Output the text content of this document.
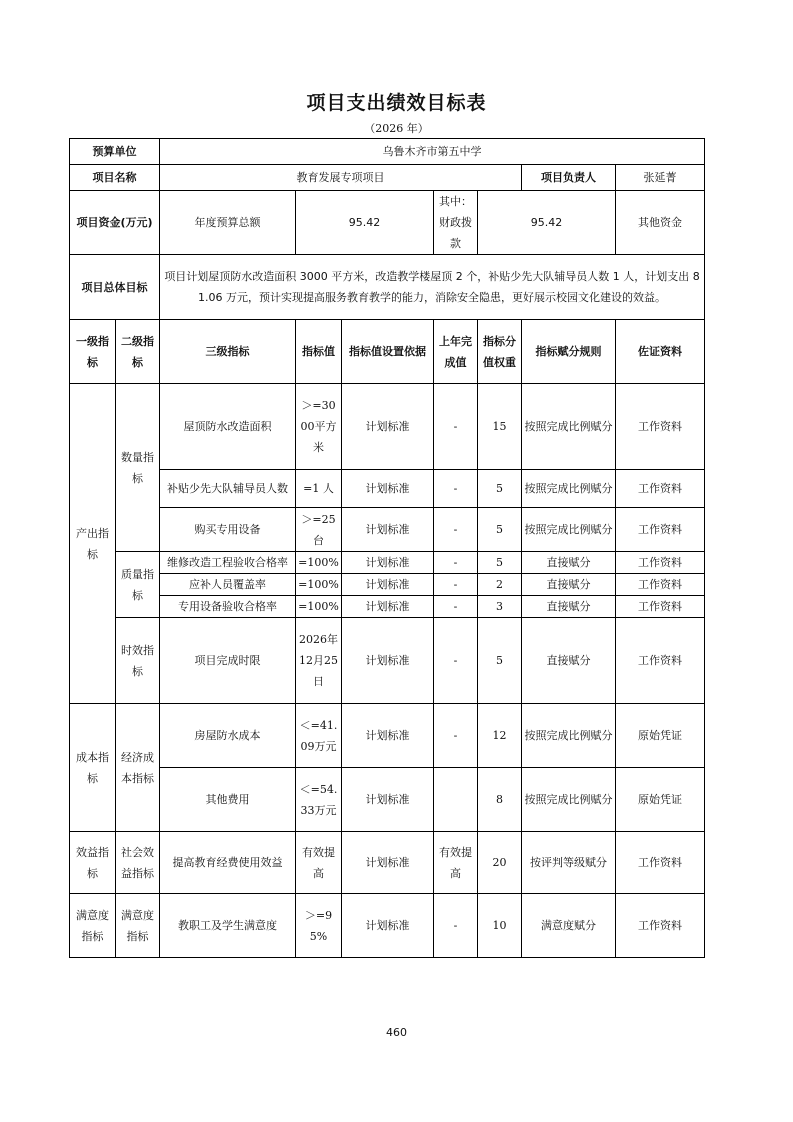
项目支出绩效目标表
（2026 年）
预算单位		乌鲁木齐市第五中学							
项目名称		教育发展专项项目					项目负责人	张延菁	
项目资金(万元)		年度预算总额	95.42		其中：财政拨款	95.42		其他资金	
项目总体目标		项目计划屋顶防水改造面积 3000 平方米，改造教学楼屋顶 2 个，补贴少先大队辅导员人数 1 人，计划支出 81.06 万元，预计实现提高服务教育教学的能力，消除安全隐患，更好展示校园文化建设的效益。							
一级指标	二级指标	三级指标	指标值	指标值设置依据	上年完成值	指标分值权重	指标赋分规则	佐证资料	
产出指标	数量指标	屋顶防水改造面积	＞=3000平方米	计划标准	-	15	按照完成比例赋分	工作资料	
		补贴少先大队辅导员人数	=1 人	计划标准	-	5	按照完成比例赋分	工作资料	
		购买专用设备	＞=25台	计划标准	-	5	按照完成比例赋分	工作资料	
	质量指标	维修改造工程验收合格率	=100%	计划标准	-	5	直接赋分	工作资料	
		应补人员覆盖率	=100%	计划标准	-	2	直接赋分	工作资料	
		专用设备验收合格率	=100%	计划标准	-	3	直接赋分	工作资料	
	时效指标	项目完成时限	2026年12月25日	计划标准	-	5	直接赋分	工作资料	
成本指标	经济成本指标	房屋防水成本	＜=41.09万元	计划标准	-	12	按照完成比例赋分	原始凭证	
		其他费用	＜=54.33万元	计划标准		8	按照完成比例赋分	原始凭证	
效益指标	社会效益指标	提高教育经费使用效益	有效提高	计划标准	有效提高	20	按评判等级赋分	工作资料	
满意度指标	满意度指标	教职工及学生满意度	＞=95%	计划标准	-	10	满意度赋分	工作资料	
460
